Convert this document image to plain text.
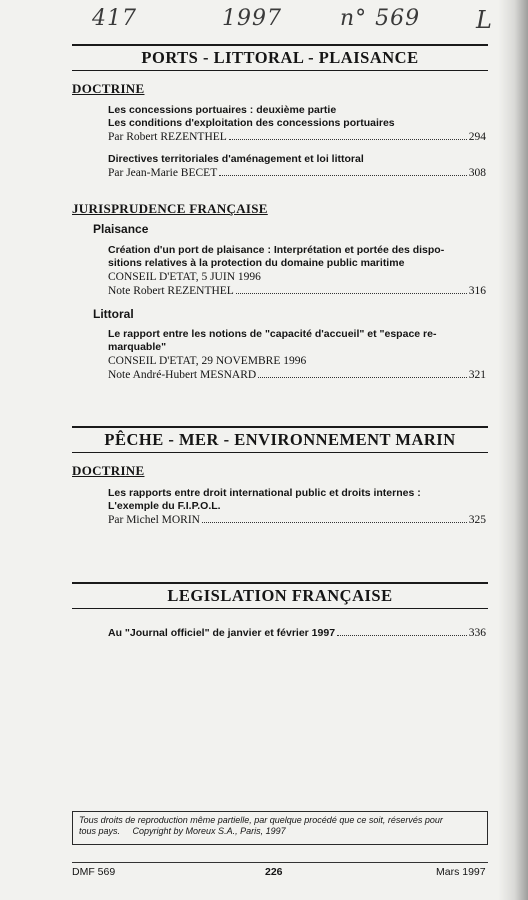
417	1997	n° 569 L
PORTS - LITTORAL - PLAISANCE
DOCTRINE
Les concessions portuaires : deuxième partie
Les conditions d'exploitation des concessions portuaires
Par Robert REZENTHEL	294
Directives territoriales d'aménagement et loi littoral
Par Jean-Marie BECET	308
JURISPRUDENCE FRANÇAISE
Plaisance
Création d'un port de plaisance : Interprétation et portée des dispo-
sitions relatives à la protection du domaine public maritime
CONSEIL D'ETAT, 5 JUIN 1996
Note Robert REZENTHEL	316
Littoral
Le rapport entre les notions de "capacité d'accueil" et "espace re-
marquable"
CONSEIL D'ETAT, 29 NOVEMBRE 1996
Note André-Hubert MESNARD	321
PÊCHE - MER - ENVIRONNEMENT MARIN
DOCTRINE
Les rapports entre droit international public et droits internes :
L'exemple du F.I.P.O.L.
Par Michel MORIN	325
LEGISLATION FRANÇAISE
Au "Journal officiel" de janvier et février 1997	336
Tous droits de reproduction même partielle, par quelque procédé que ce soit, réservés pour
tous pays.     Copyright by Moreux S.A., Paris, 1997
DMF 569	226	Mars 1997
